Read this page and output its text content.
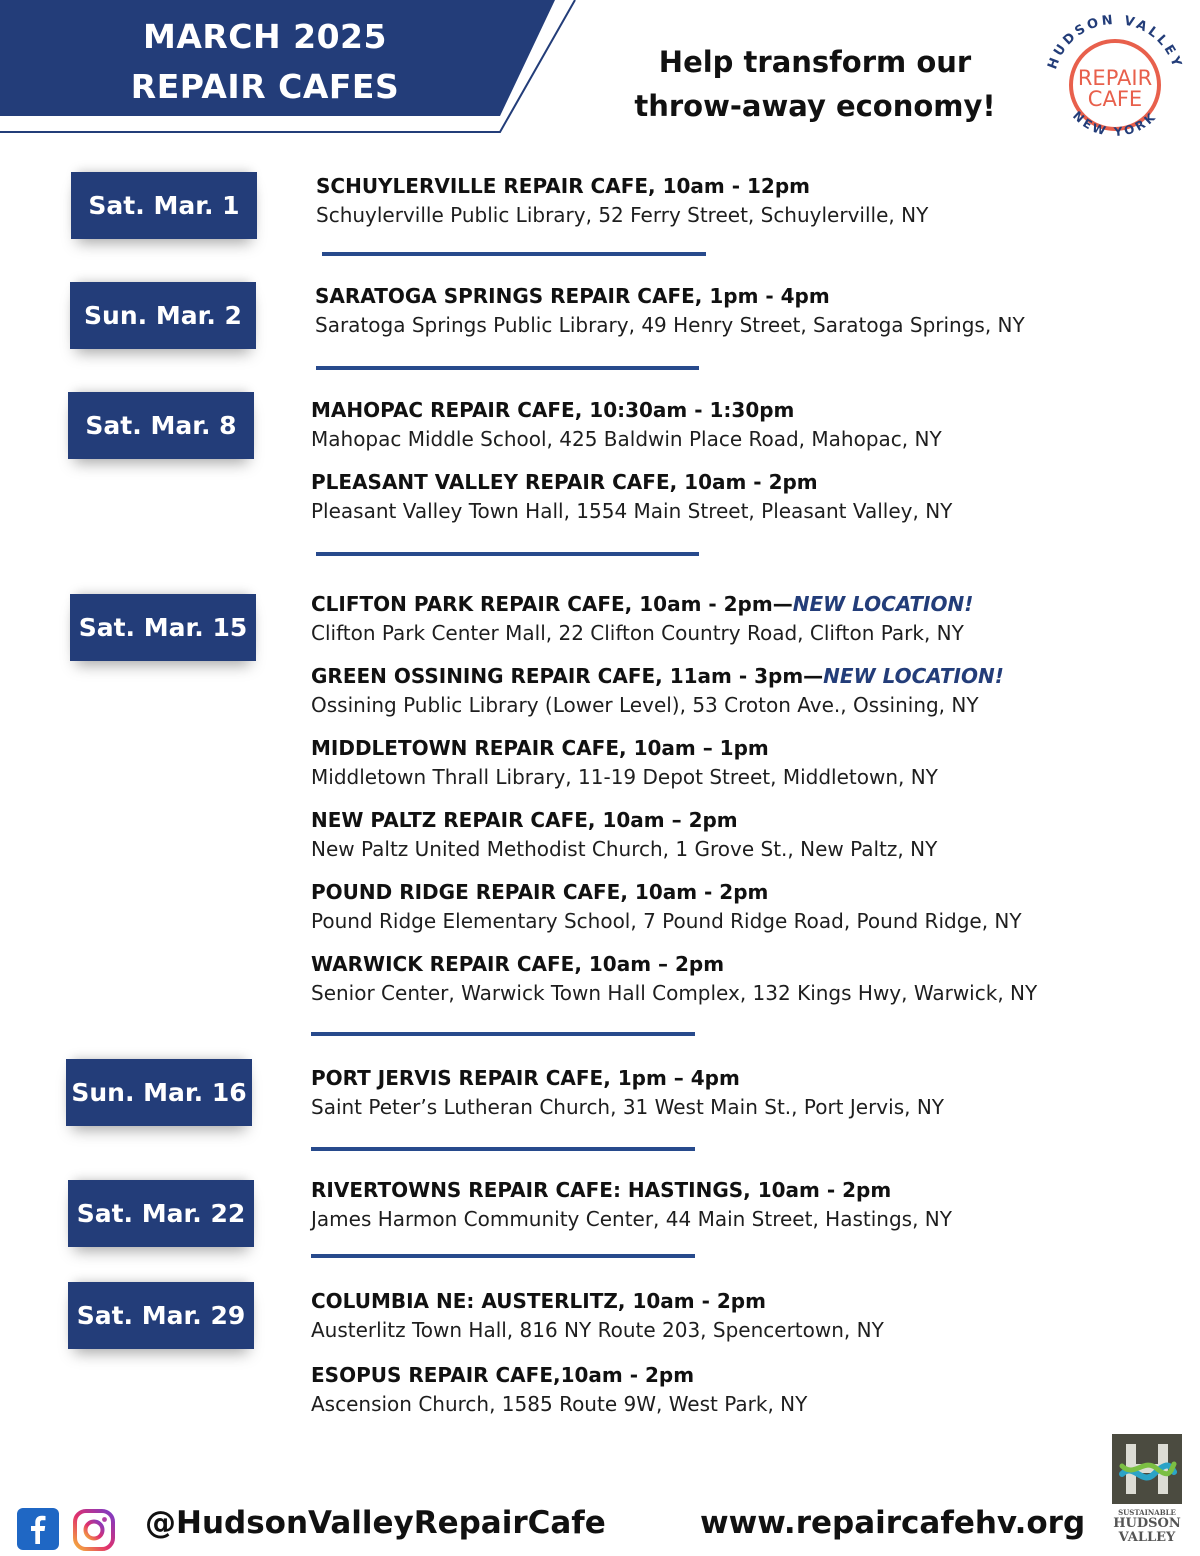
MARCH 2025
REPAIR CAFES
Help transform our
throw-away economy!
HUDSON VALLEY
NEW YORK
REPAIR
CAFE
Sat. Mar. 1
Sun. Mar. 2
Sat. Mar. 8
Sat. Mar. 15
Sun. Mar. 16
Sat. Mar. 22
Sat. Mar. 29
SCHUYLERVILLE REPAIR CAFE, 10am - 12pm
Schuylerville Public Library, 52 Ferry Street, Schuylerville, NY
SARATOGA SPRINGS REPAIR CAFE, 1pm - 4pm
Saratoga Springs Public Library, 49 Henry Street, Saratoga Springs, NY
MAHOPAC REPAIR CAFE, 10:30am - 1:30pm
Mahopac Middle School, 425 Baldwin Place Road, Mahopac, NY
PLEASANT VALLEY REPAIR CAFE, 10am - 2pm
Pleasant Valley Town Hall, 1554 Main Street, Pleasant Valley, NY
CLIFTON PARK REPAIR CAFE, 10am - 2pm—NEW LOCATION!
Clifton Park Center Mall, 22 Clifton Country Road, Clifton Park, NY
GREEN OSSINING REPAIR CAFE, 11am - 3pm—NEW LOCATION!
Ossining Public Library (Lower Level), 53 Croton Ave., Ossining, NY
MIDDLETOWN REPAIR CAFE, 10am – 1pm
Middletown Thrall Library, 11-19 Depot Street, Middletown, NY
NEW PALTZ REPAIR CAFE, 10am – 2pm
New Paltz United Methodist Church, 1 Grove St., New Paltz, NY
POUND RIDGE REPAIR CAFE, 10am - 2pm
Pound Ridge Elementary School, 7 Pound Ridge Road, Pound Ridge, NY
WARWICK REPAIR CAFE, 10am – 2pm
Senior Center, Warwick Town Hall Complex, 132 Kings Hwy, Warwick, NY
PORT JERVIS REPAIR CAFE, 1pm – 4pm
Saint Peter’s Lutheran Church, 31 West Main St., Port Jervis, NY
RIVERTOWNS REPAIR CAFE: HASTINGS, 10am - 2pm
James Harmon Community Center, 44 Main Street, Hastings, NY
COLUMBIA NE: AUSTERLITZ, 10am - 2pm
Austerlitz Town Hall, 816 NY Route 203, Spencertown, NY
ESOPUS REPAIR CAFE,10am - 2pm
Ascension Church, 1585 Route 9W, West Park, NY
@HudsonValleyRepairCafe	www.repaircafehv.org	SUSTAINABLE
HUDSON
VALLEY
